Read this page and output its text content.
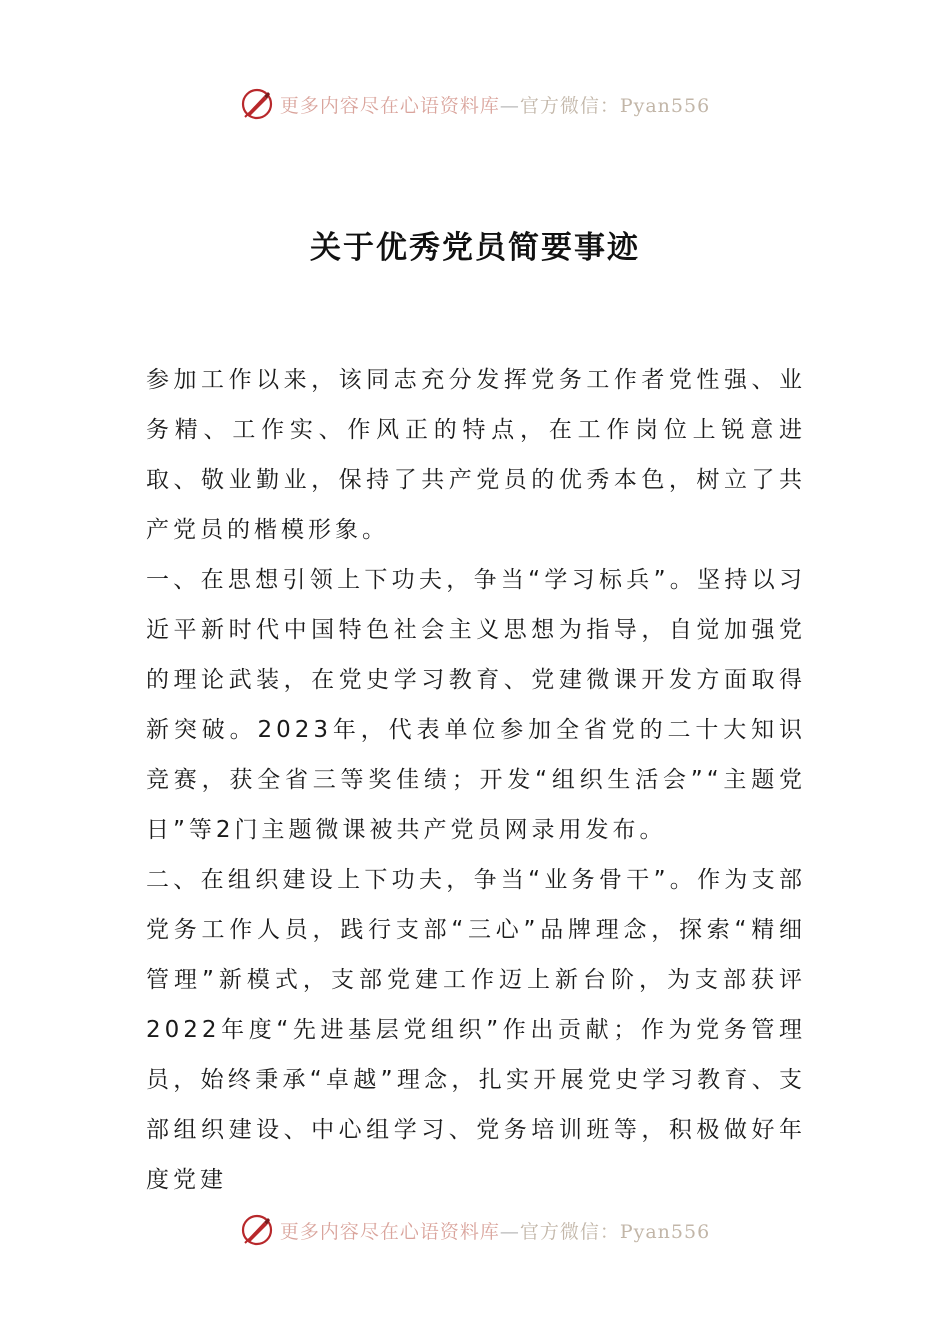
更多内容尽在心语资料库—官方微信：Pyan556
关于优秀党员简要事迹

参加工作以来，该同志充分发挥党务工作者党性强、业务精、工作实、作风正的特点，在工作岗位上锐意进取、敬业勤业，保持了共产党员的优秀本色，树立了共产党员的楷模形象。

一、在思想引领上下功夫，争当“学习标兵”。坚持以习近平新时代中国特色社会主义思想为指导，自觉加强党的理论武装，在党史学习教育、党建微课开发方面取得新突破。2023年，代表单位参加全省党的二十大知识竞赛，获全省三等奖佳绩；开发“组织生活会”“主题党日”等2门主题微课被共产党员网录用发布。

二、在组织建设上下功夫，争当“业务骨干”。作为支部党务工作人员，践行支部“三心”品牌理念，探索“精细管理”新模式，支部党建工作迈上新台阶，为支部获评2022年度“先进基层党组织”作出贡献；作为党务管理员，始终秉承“卓越”理念，扎实开展党史学习教育、支部组织建设、中心组学习、党务培训班等，积极做好年度党建

更多内容尽在心语资料库—官方微信：Pyan556
